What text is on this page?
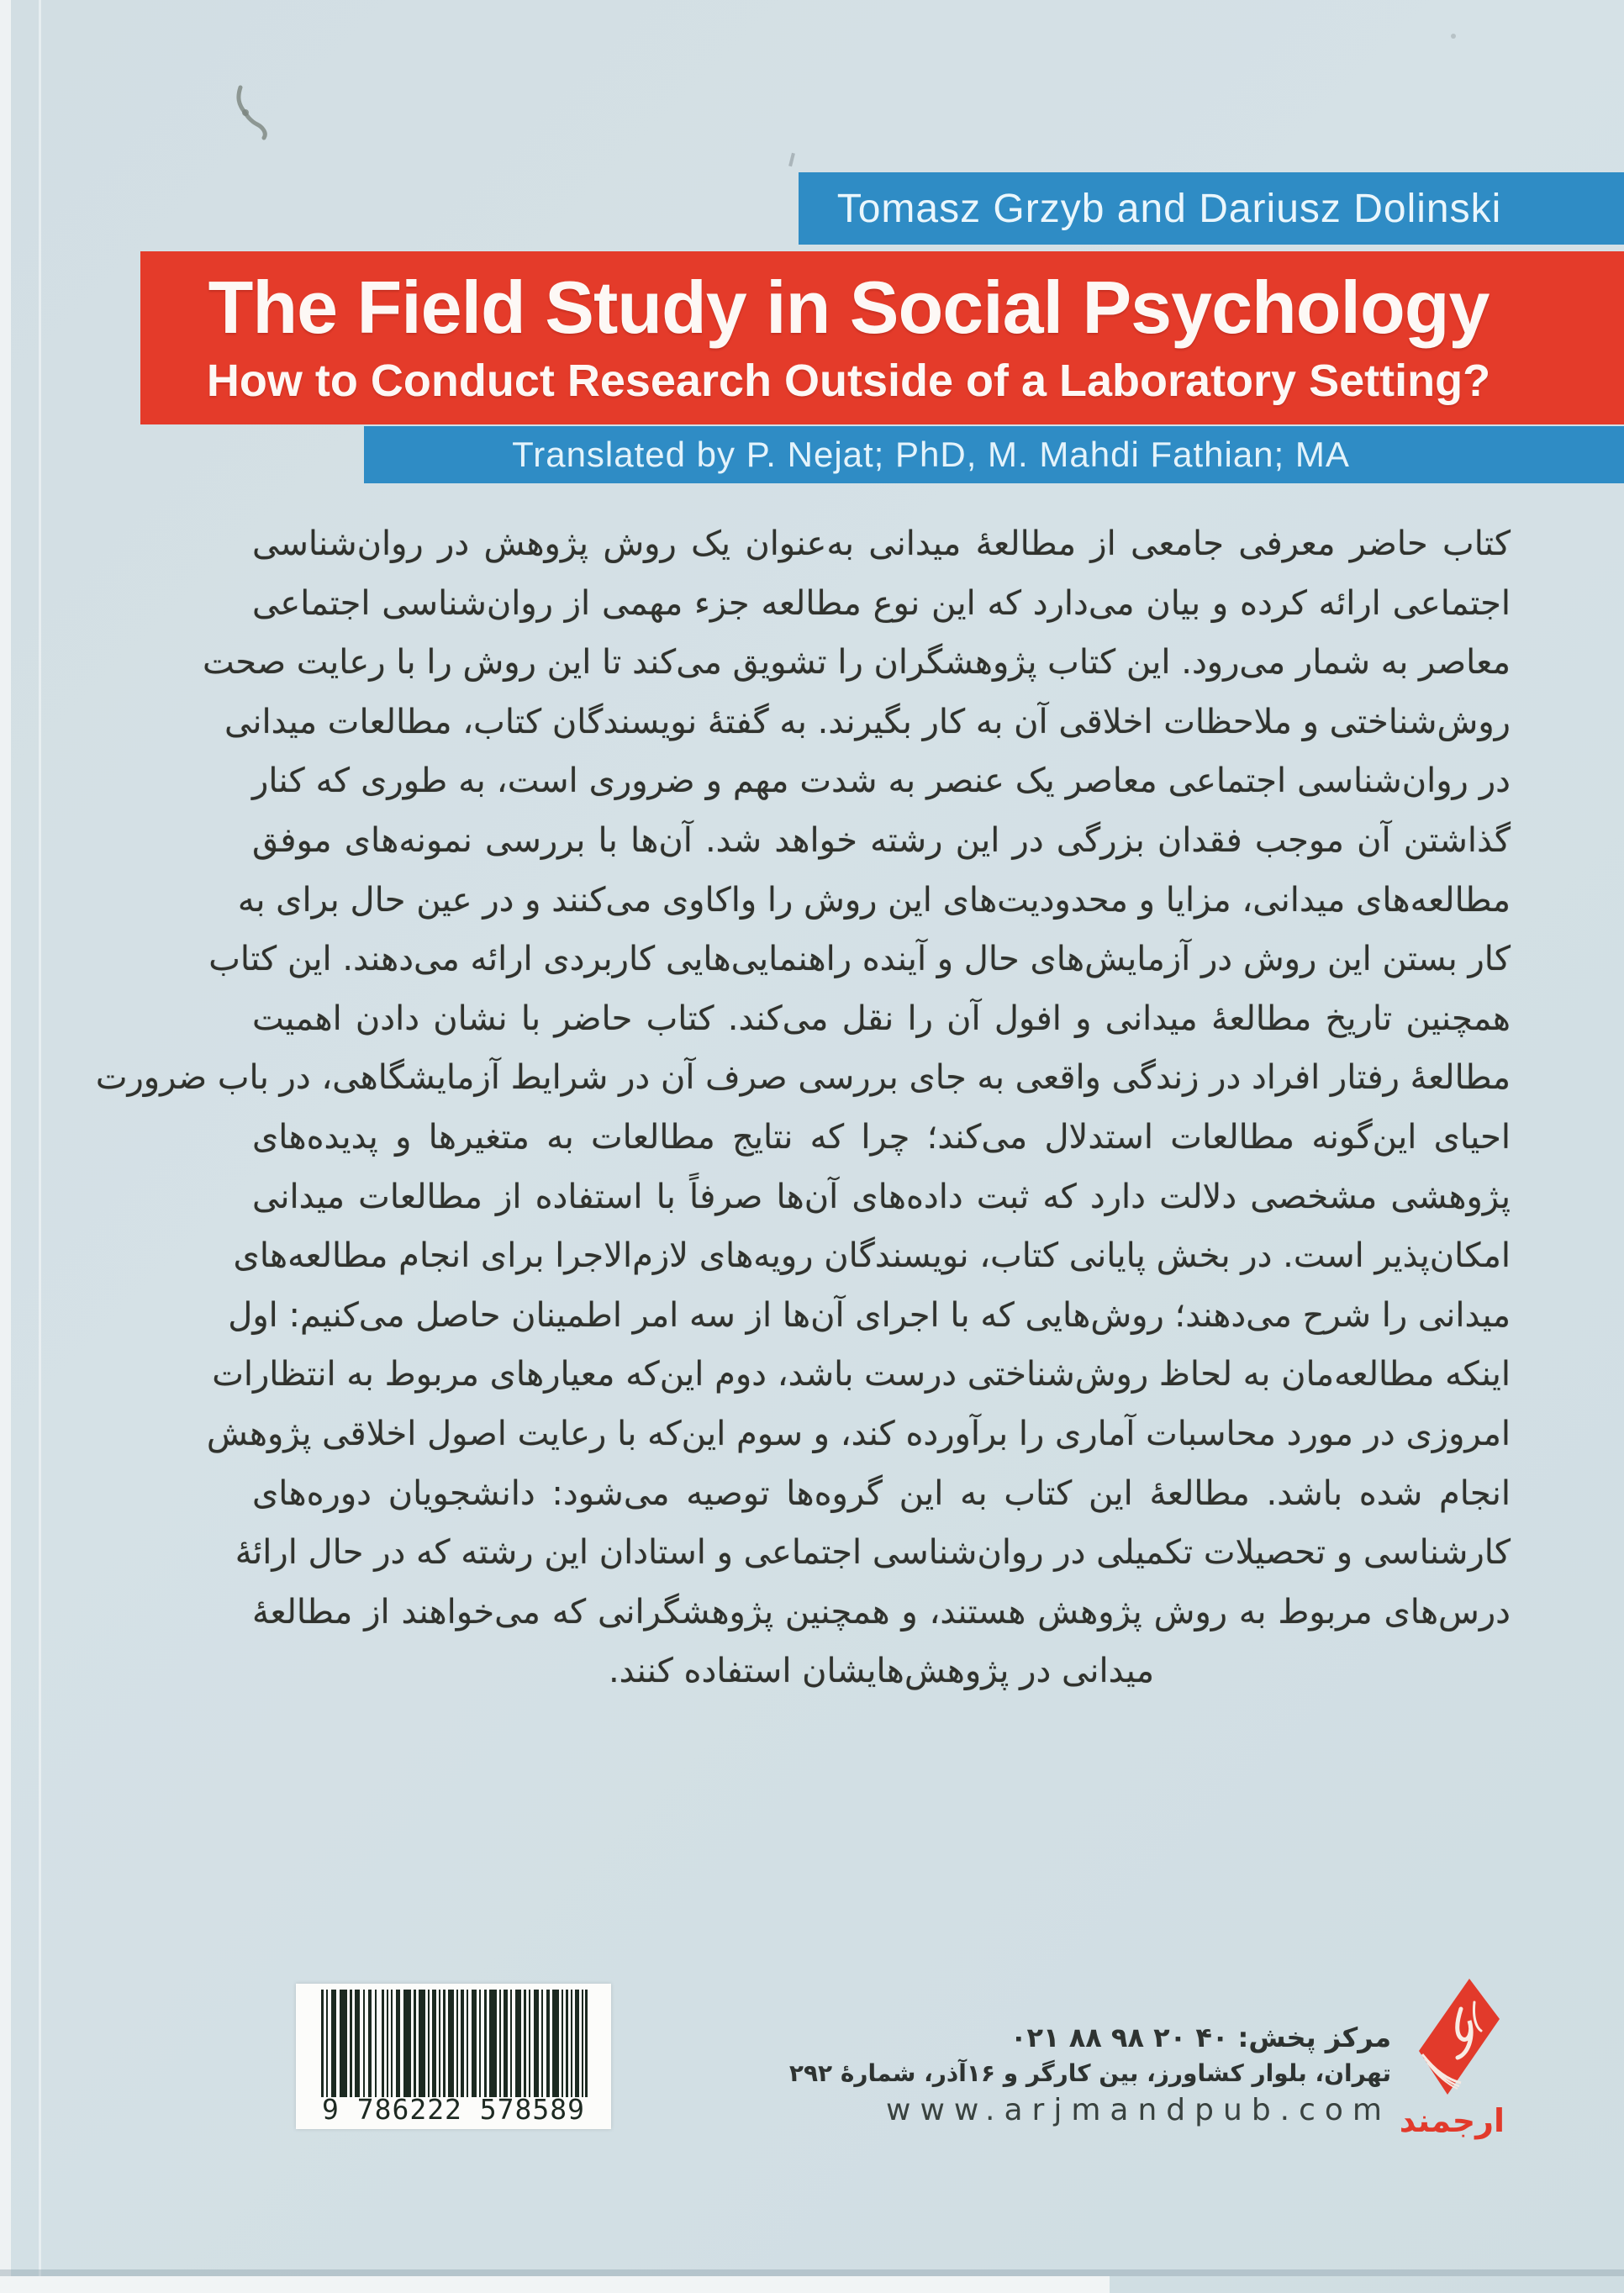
Tomasz Grzyb and Dariusz Dolinski
The Field Study in Social Psychology
How to Conduct Research Outside of a Laboratory Setting?
Translated by P. Nejat; PhD, M. Mahdi Fathian; MA
کتاب حاضر معرفی جامعی از مطالعهٔ میدانی به‌عنوان یک روش پژوهش در روان‌شناسی
اجتماعی ارائه کرده و بیان می‌دارد که این نوع مطالعه جزء مهمی از روان‌شناسی اجتماعی
معاصر به شمار می‌رود. این کتاب پژوهشگران را تشویق می‌کند تا این روش را با رعایت صحت
روش‌شناختی و ملاحظات اخلاقی آن به کار بگیرند. به گفتهٔ نویسندگان کتاب، مطالعات میدانی
در روان‌شناسی اجتماعی معاصر یک عنصر به شدت مهم و ضروری است، به طوری که کنار
گذاشتن آن موجب فقدان بزرگی در این رشته خواهد شد. آن‌ها با بررسی نمونه‌های موفق
مطالعه‌های میدانی، مزایا و محدودیت‌های این روش را واکاوی می‌کنند و در عین حال برای به
کار بستن این روش در آزمایش‌های حال و آینده راهنمایی‌هایی کاربردی ارائه می‌دهند. این کتاب
همچنین تاریخ مطالعهٔ میدانی و افول آن را نقل می‌کند. کتاب حاضر با نشان دادن اهمیت
مطالعهٔ رفتار افراد در زندگی واقعی به جای بررسی صرف آن در شرایط آزمایشگاهی، در باب ضرورت
احیای این‌گونه مطالعات استدلال می‌کند؛ چرا که نتایج مطالعات به متغیرها و پدیده‌های
پژوهشی مشخصی دلالت دارد که ثبت داده‌های آن‌ها صرفاً با استفاده از مطالعات میدانی
امکان‌پذیر است. در بخش پایانی کتاب، نویسندگان رویه‌های لازم‌الاجرا برای انجام مطالعه‌های
میدانی را شرح می‌دهند؛ روش‌هایی که با اجرای آن‌ها از سه امر اطمینان حاصل می‌کنیم: اول
اینکه مطالعه‌مان به لحاظ روش‌شناختی درست باشد، دوم این‌که معیارهای مربوط به انتظارات
امروزی در مورد محاسبات آماری را برآورده کند، و سوم این‌که با رعایت اصول اخلاقی پژوهش
انجام شده باشد. مطالعهٔ این کتاب به این گروه‌ها توصیه می‌شود: دانشجویان دوره‌های
کارشناسی و تحصیلات تکمیلی در روان‌شناسی اجتماعی و استادان این رشته که در حال ارائهٔ
درس‌های مربوط به روش پژوهش هستند، و همچنین پژوهشگرانی که می‌خواهند از مطالعهٔ
میدانی در پژوهش‌هایشان استفاده کنند.
9 786222 578589
مرکز پخش: ۰۲۱ ۸۸ ۹۸ ۲۰ ۴۰
تهران، بلوار کشاورز، بین کارگر و ۱۶آذر، شمارهٔ ۲۹۲
www.arjmandpub.com ارجمند
